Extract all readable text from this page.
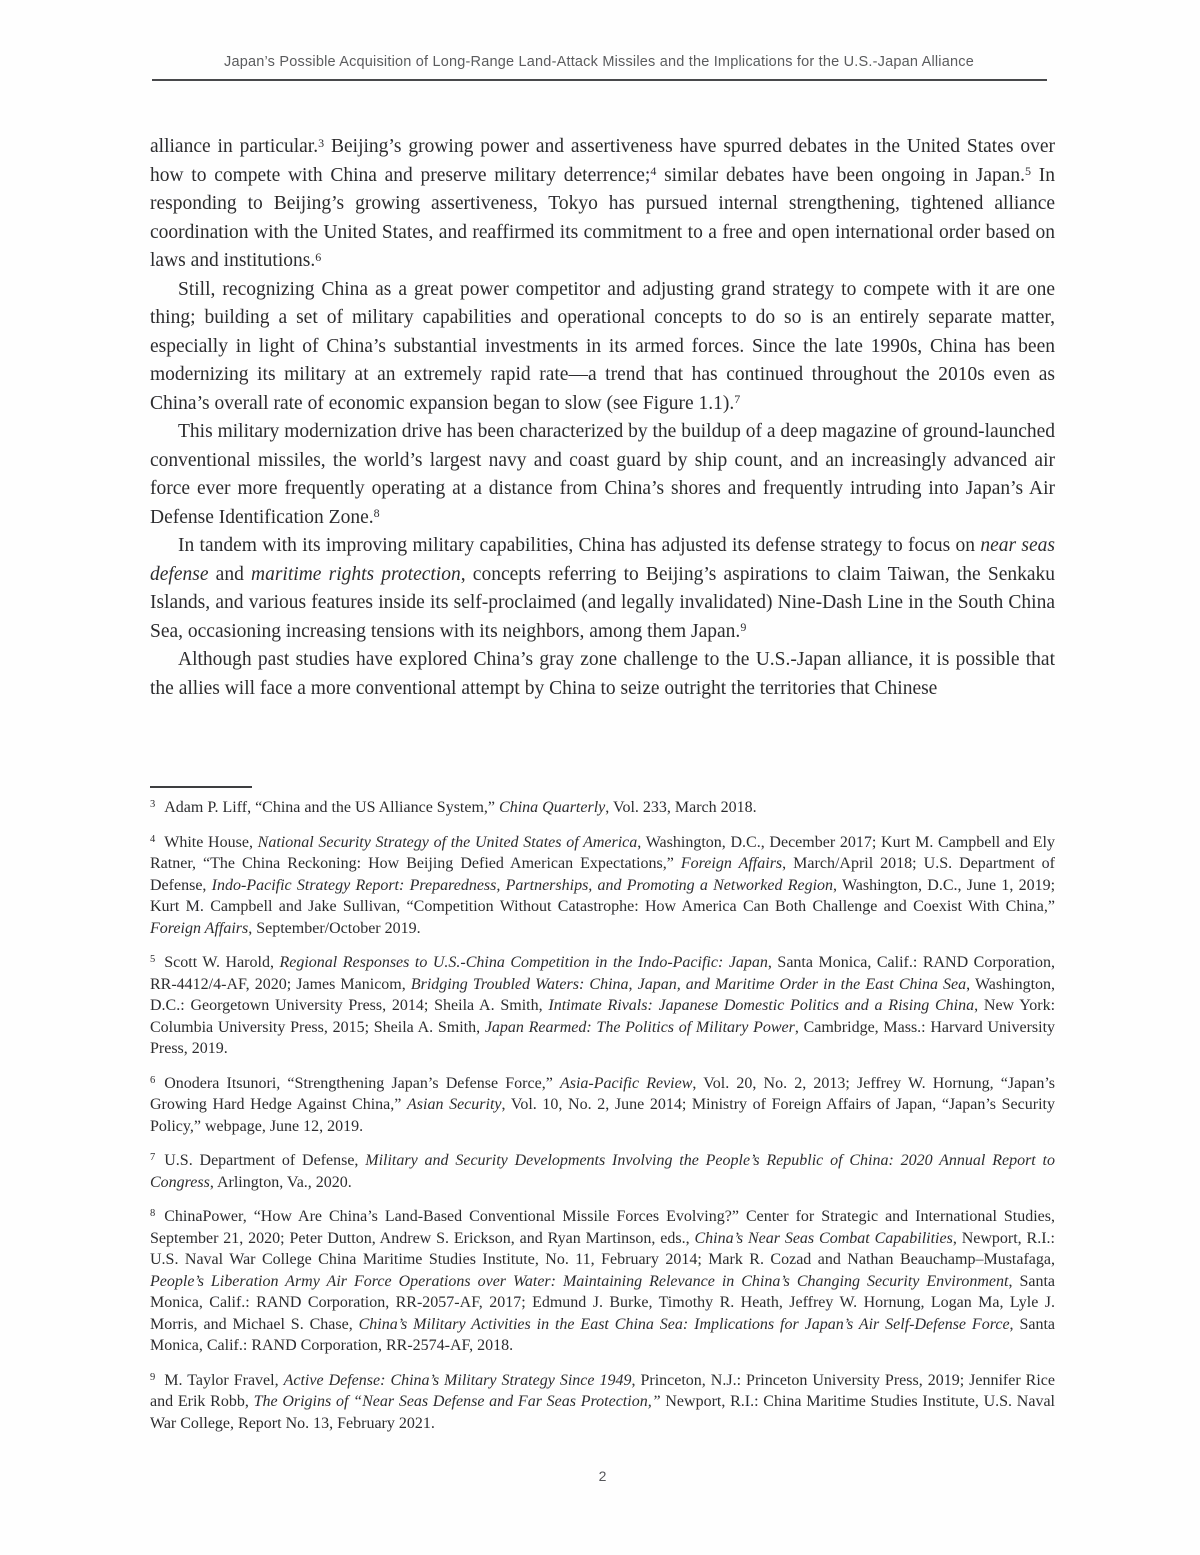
Japan’s Possible Acquisition of Long-Range Land-Attack Missiles and the Implications for the U.S.-Japan Alliance

alliance in particular.$^3$ Beijing’s growing power and assertiveness have spurred debates in the United States over how to compete with China and preserve military deterrence;$^4$ similar debates have been ongoing in Japan.$^5$ In responding to Beijing’s growing assertiveness, Tokyo has pursued internal strengthening, tightened alliance coordination with the United States, and reaffirmed its commitment to a free and open international order based on laws and institutions.$^6$

Still, recognizing China as a great power competitor and adjusting grand strategy to compete with it are one thing; building a set of military capabilities and operational concepts to do so is an entirely separate matter, especially in light of China’s substantial investments in its armed forces. Since the late 1990s, China has been modernizing its military at an extremely rapid rate—a trend that has continued throughout the 2010s even as China’s overall rate of economic expansion began to slow (see Figure 1.1).$^7$

This military modernization drive has been characterized by the buildup of a deep magazine of ground-launched conventional missiles, the world’s largest navy and coast guard by ship count, and an increasingly advanced air force ever more frequently operating at a distance from China’s shores and frequently intruding into Japan’s Air Defense Identification Zone.$^8$

In tandem with its improving military capabilities, China has adjusted its defense strategy to focus on near seas defense and maritime rights protection, concepts referring to Beijing’s aspirations to claim Taiwan, the Senkaku Islands, and various features inside its self-proclaimed (and legally invalidated) Nine-Dash Line in the South China Sea, occasioning increasing tensions with its neighbors, among them Japan.$^9$

Although past studies have explored China’s gray zone challenge to the U.S.-Japan alliance, it is possible that the allies will face a more conventional attempt by China to seize outright the territories that Chinese

$^3$ Adam P. Liff, “China and the US Alliance System,” China Quarterly, Vol. 233, March 2018.

$^4$ White House, National Security Strategy of the United States of America, Washington, D.C., December 2017; Kurt M. Campbell and Ely Ratner, “The China Reckoning: How Beijing Defied American Expectations,” Foreign Affairs, March/April 2018; U.S. Department of Defense, Indo-Pacific Strategy Report: Preparedness, Partnerships, and Promoting a Networked Region, Washington, D.C., June 1, 2019; Kurt M. Campbell and Jake Sullivan, “Competition Without Catastrophe: How America Can Both Challenge and Coexist With China,” Foreign Affairs, September/October 2019.

$^5$ Scott W. Harold, Regional Responses to U.S.-China Competition in the Indo-Pacific: Japan, Santa Monica, Calif.: RAND Corporation, RR-4412/4-AF, 2020; James Manicom, Bridging Troubled Waters: China, Japan, and Maritime Order in the East China Sea, Washington, D.C.: Georgetown University Press, 2014; Sheila A. Smith, Intimate Rivals: Japanese Domestic Politics and a Rising China, New York: Columbia University Press, 2015; Sheila A. Smith, Japan Rearmed: The Politics of Military Power, Cambridge, Mass.: Harvard University Press, 2019.

$^6$ Onodera Itsunori, “Strengthening Japan’s Defense Force,” Asia-Pacific Review, Vol. 20, No. 2, 2013; Jeffrey W. Hornung, “Japan’s Growing Hard Hedge Against China,” Asian Security, Vol. 10, No. 2, June 2014; Ministry of Foreign Affairs of Japan, “Japan’s Security Policy,” webpage, June 12, 2019.

$^7$ U.S. Department of Defense, Military and Security Developments Involving the People’s Republic of China: 2020 Annual Report to Congress, Arlington, Va., 2020.

$^8$ ChinaPower, “How Are China’s Land-Based Conventional Missile Forces Evolving?” Center for Strategic and International Studies, September 21, 2020; Peter Dutton, Andrew S. Erickson, and Ryan Martinson, eds., China’s Near Seas Combat Capabilities, Newport, R.I.: U.S. Naval War College China Maritime Studies Institute, No. 11, February 2014; Mark R. Cozad and Nathan Beauchamp–Mustafaga, People’s Liberation Army Air Force Operations over Water: Maintaining Relevance in China’s Changing Security Environment, Santa Monica, Calif.: RAND Corporation, RR-2057-AF, 2017; Edmund J. Burke, Timothy R. Heath, Jeffrey W. Hornung, Logan Ma, Lyle J. Morris, and Michael S. Chase, China’s Military Activities in the East China Sea: Implications for Japan’s Air Self-Defense Force, Santa Monica, Calif.: RAND Corporation, RR-2574-AF, 2018.

$^9$ M. Taylor Fravel, Active Defense: China’s Military Strategy Since 1949, Princeton, N.J.: Princeton University Press, 2019; Jennifer Rice and Erik Robb, The Origins of “Near Seas Defense and Far Seas Protection,” Newport, R.I.: China Maritime Studies Institute, U.S. Naval War College, Report No. 13, February 2021.

2
